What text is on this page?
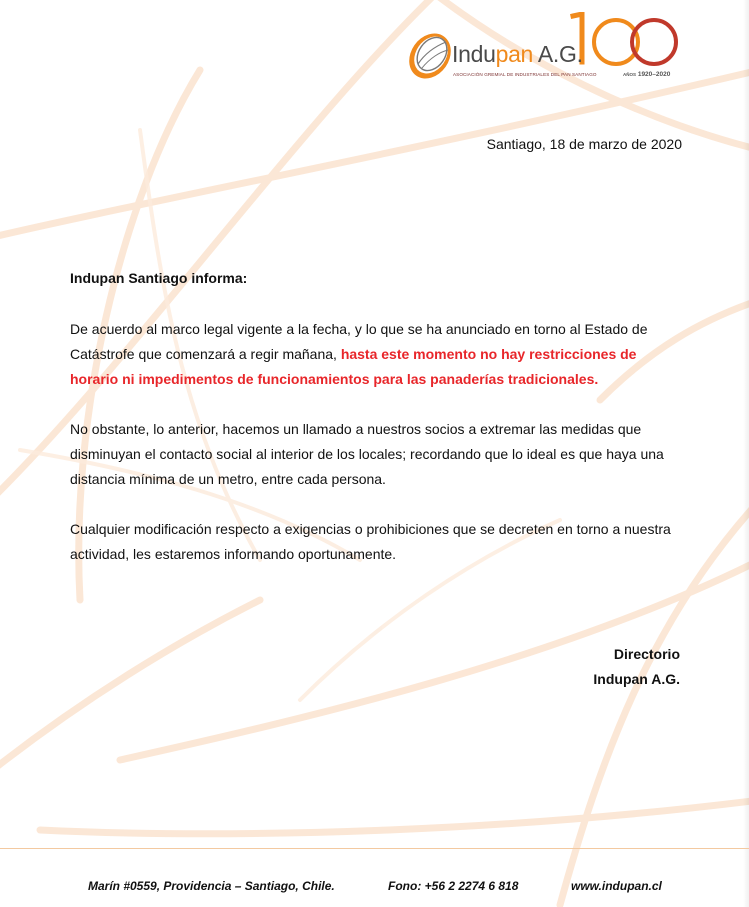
Indupan A.G.
ASOCIACIÓN GREMIAL DE INDUSTRIALES DEL PAN SANTIAGO	AÑOS 1920–2020
Santiago, 18 de marzo de 2020
Indupan Santiago informa:
De acuerdo al marco legal vigente a la fecha, y lo que se ha anunciado en torno al Estado de Catástrofe que comenzará a regir mañana, hasta este momento no hay restricciones de horario ni impedimentos de funcionamientos para las panaderías tradicionales.
No obstante, lo anterior, hacemos un llamado a nuestros socios a extremar las medidas que disminuyan el contacto social al interior de los locales; recordando que lo ideal es que haya una distancia mínima de un metro, entre cada persona.
Cualquier modificación respecto a exigencias o prohibiciones que se decreten en torno a nuestra actividad, les estaremos informando oportunamente.
Directorio
Indupan A.G.
Marín #0559, Providencia – Santiago, Chile.	Fono: +56 2 2274 6 818	www.indupan.cl
